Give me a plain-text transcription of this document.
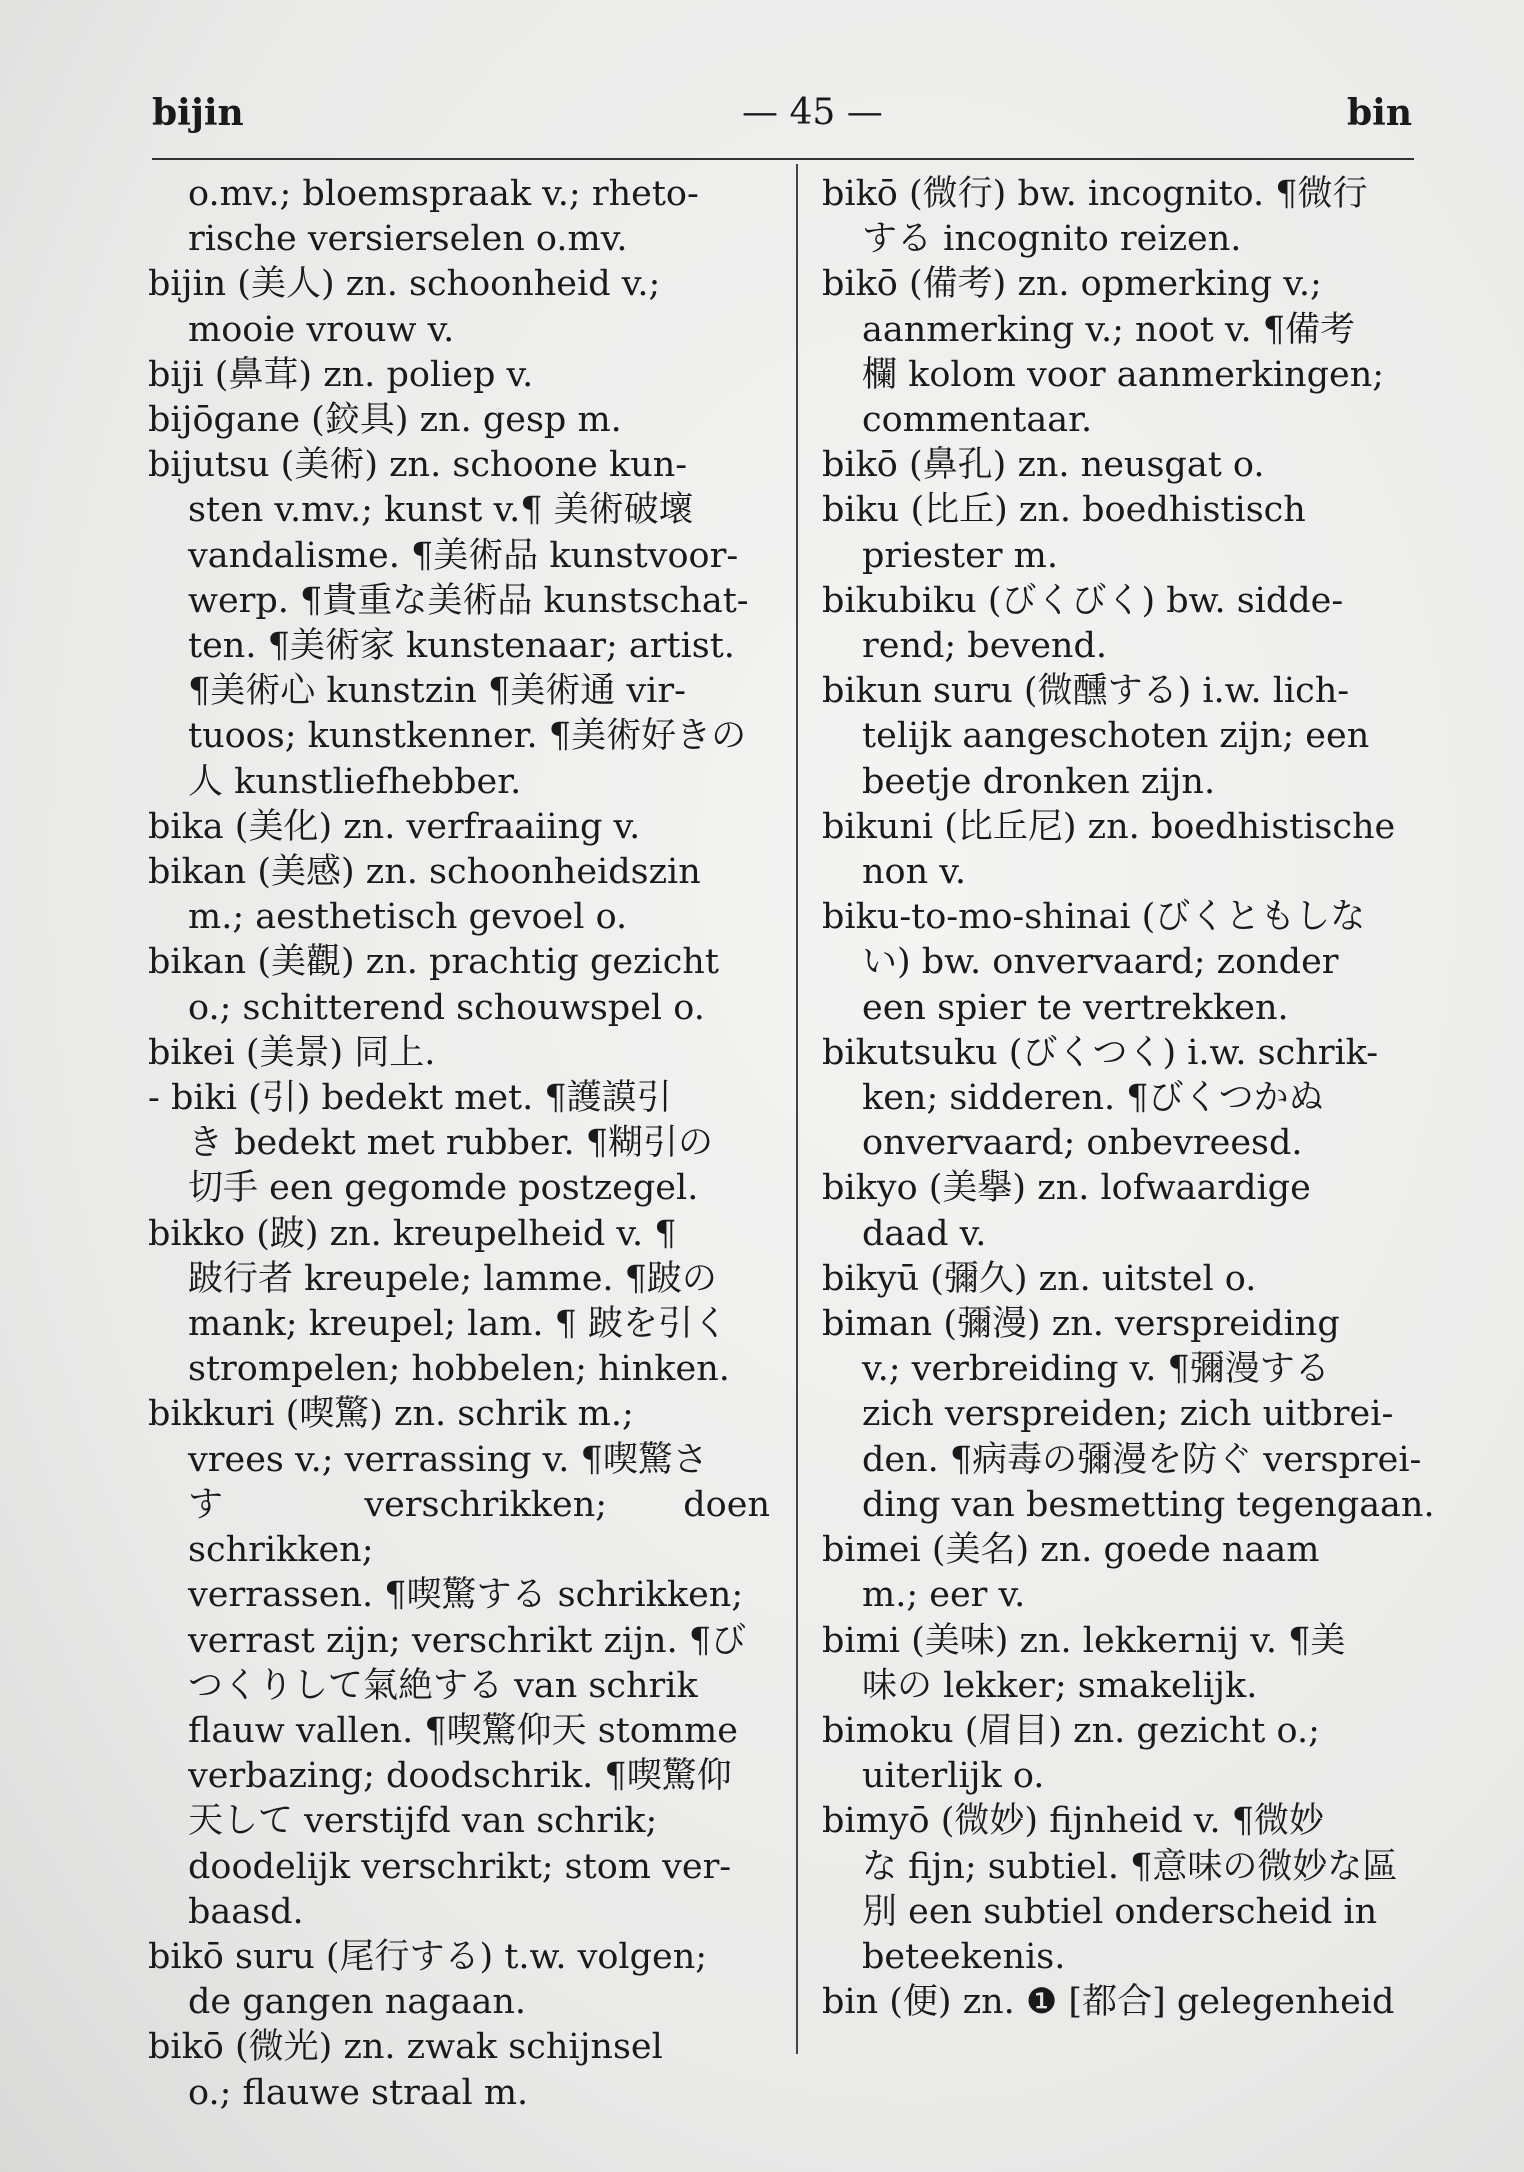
bijin	— 45 —	bin
o.mv.; bloemspraak v.; rheto-
rische versierselen o.mv.
bijin (美人) zn. schoonheid v.;
mooie vrouw v.
biji (鼻茸) zn. poliep v.
bijōgane (鉸具) zn. gesp m.
bijutsu (美術) zn. schoone kun-
sten v.mv.; kunst v.¶ 美術破壞
vandalisme. ¶美術品 kunstvoor-
werp. ¶貴重な美術品 kunstschat-
ten. ¶美術家 kunstenaar; artist.
¶美術心 kunstzin ¶美術通 vir-
tuoos; kunstkenner. ¶美術好きの
人 kunstliefhebber.
bika (美化) zn. verfraaiing v.
bikan (美感) zn. schoonheidszin
m.; aesthetisch gevoel o.
bikan (美觀) zn. prachtig gezicht
o.; schitterend schouwspel o.
bikei (美景) 同上.
- biki (引) bedekt met. ¶護謨引
き bedekt met rubber. ¶糊引の
切手 een gegomde postzegel.
bikko (跛) zn. kreupelheid v. ¶
跛行者 kreupele; lamme. ¶跛の
mank; kreupel; lam. ¶ 跛を引く
strompelen; hobbelen; hinken.
bikkuri (喫驚) zn. schrik m.;
vrees v.; verrassing v. ¶喫驚さ
す verschrikken; doen schrikken;
verrassen. ¶喫驚する schrikken;
verrast zijn; verschrikt zijn. ¶び
つくりして氣絶する van schrik
flauw vallen. ¶喫驚仰天 stomme
verbazing; doodschrik. ¶喫驚仰
天して verstijfd van schrik;
doodelijk verschrikt; stom ver-
baasd.
bikō suru (尾行する) t.w. volgen;
de gangen nagaan.
bikō (微光) zn. zwak schijnsel
o.; flauwe straal m.
bikō (微行) bw. incognito. ¶微行
する incognito reizen.
bikō (備考) zn. opmerking v.;
aanmerking v.; noot v. ¶備考
欄 kolom voor aanmerkingen;
commentaar.
bikō (鼻孔) zn. neusgat o.
biku (比丘) zn. boedhistisch
priester m.
bikubiku (びくびく) bw. sidde-
rend; bevend.
bikun suru (微醺する) i.w. lich-
telijk aangeschoten zijn; een
beetje dronken zijn.
bikuni (比丘尼) zn. boedhistische
non v.
biku-to-mo-shinai (びくともしな
い) bw. onvervaard; zonder
een spier te vertrekken.
bikutsuku (びくつく) i.w. schrik-
ken; sidderen. ¶びくつかぬ
onvervaard; onbevreesd.
bikyo (美擧) zn. lofwaardige
daad v.
bikyū (彌久) zn. uitstel o.
biman (彌漫) zn. verspreiding
v.; verbreiding v. ¶彌漫する
zich verspreiden; zich uitbrei-
den. ¶病毒の彌漫を防ぐ versprei-
ding van besmetting tegengaan.
bimei (美名) zn. goede naam
m.; eer v.
bimi (美味) zn. lekkernij v. ¶美
味の lekker; smakelijk.
bimoku (眉目) zn. gezicht o.;
uiterlijk o.
bimyō (微妙) fijnheid v. ¶微妙
な fijn; subtiel. ¶意味の微妙な區
別 een subtiel onderscheid in
beteekenis.
bin (便) zn. ❶ [都合] gelegenheid
